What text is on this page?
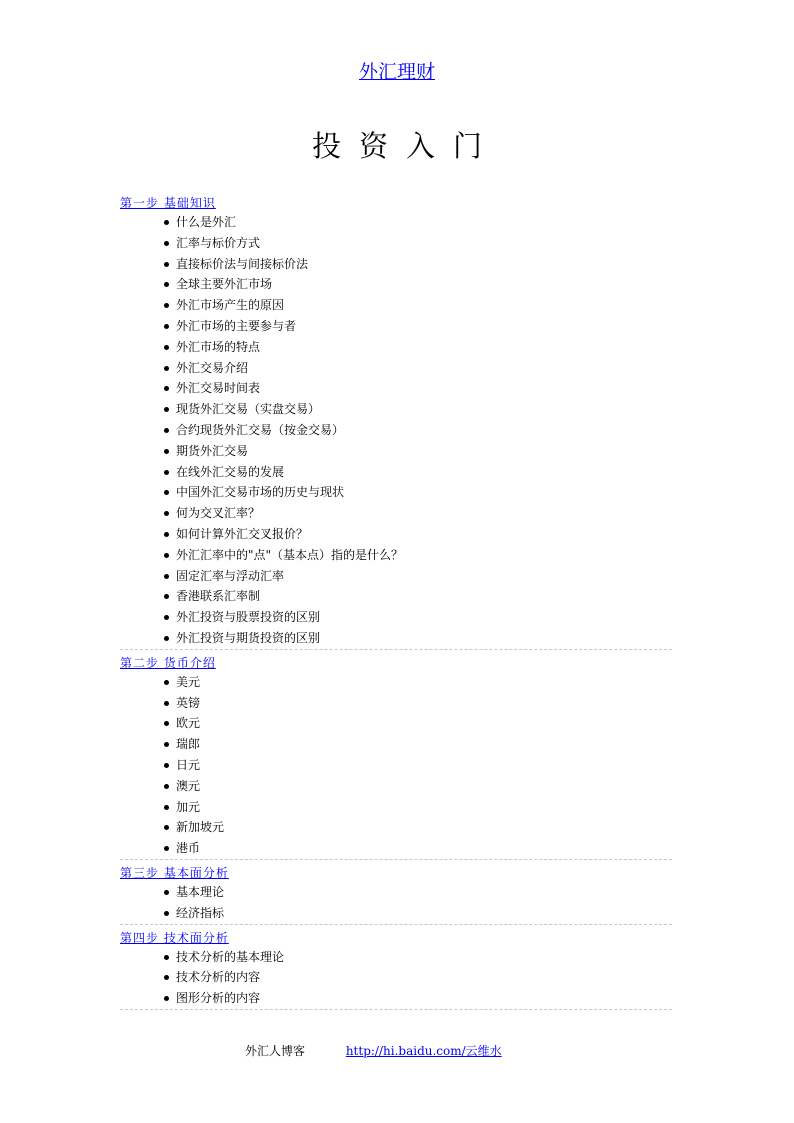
外汇理财
投资入门
第一步 基础知识
什么是外汇
汇率与标价方式
直接标价法与间接标价法
全球主要外汇市场
外汇市场产生的原因
外汇市场的主要参与者
外汇市场的特点
外汇交易介绍
外汇交易时间表
现货外汇交易（实盘交易）
合约现货外汇交易（按金交易）
期货外汇交易
在线外汇交易的发展
中国外汇交易市场的历史与现状
何为交叉汇率？
如何计算外汇交叉报价？
外汇汇率中的"点"（基本点）指的是什么？
固定汇率与浮动汇率
香港联系汇率制
外汇投资与股票投资的区别
外汇投资与期货投资的区别
第二步 货币介绍
美元
英镑
欧元
瑞郎
日元
澳元
加元
新加坡元
港币
第三步 基本面分析
基本理论
经济指标
第四步 技术面分析
技术分析的基本理论
技术分析的内容
图形分析的内容
外汇人博客	http://hi.baidu.com/云维水
